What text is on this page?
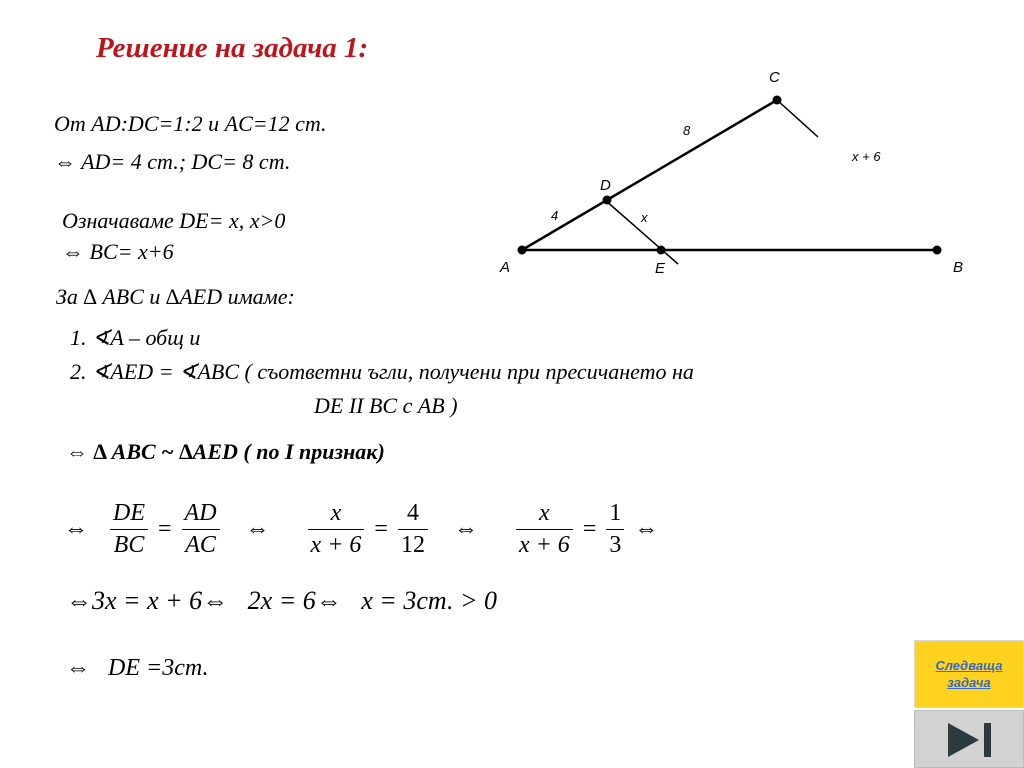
Решение на задача 1:
От AD:DC=1:2 и AC=12 ст.
⇔ AD= 4 ст.; DC= 8 ст.
Означаваме DE= x, x>0
⇔ BC= x+6
За ∆ ABC и ∆AED имаме:
1. ∢A – общ и
2. ∢AED = ∢ABC ( съответни ъгли, получени при пресичането на
DE II BC с AB )
⇔ ∆ ABC ~ ∆AED ( по I признак)
⇔ $\frac{DE}{BC} = \frac{AD}{AC}$ ⇔ $\frac{x}{x + 6} = \frac{4}{12}$ ⇔ $\frac{x}{x + 6} = \frac{1}{3}$ ⇔
⇔3x = x + 6⇔   2x = 6⇔   x = 3ст. > 0
⇔   DE =3ст.
C
D
A	E	B
8
4	x
x + 6
Следваща
задача
